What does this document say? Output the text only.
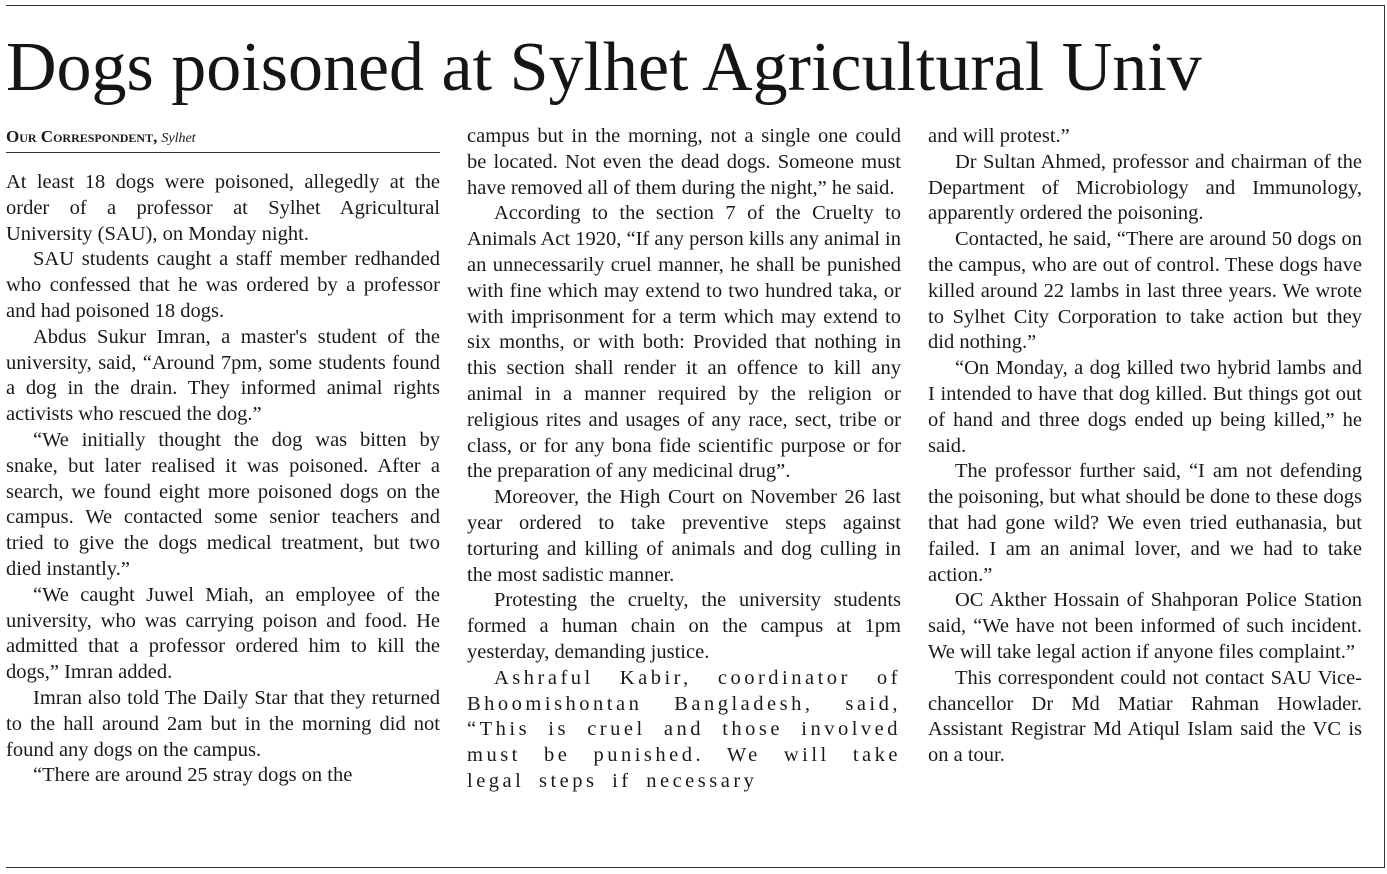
Dogs poisoned at Sylhet Agricultural Univ
Our Correspondent, Sylhet

At least 18 dogs were poisoned, allegedly at the order of a professor at Sylhet Agricultural University (SAU), on Monday night.

SAU students caught a staff member redhanded who confessed that he was ordered by a professor and had poisoned 18 dogs.

Abdus Sukur Imran, a master's student of the university, said, “Around 7pm, some students found a dog in the drain. They informed animal rights activists who rescued the dog.”

“We initially thought the dog was bitten by snake, but later realised it was poisoned. After a search, we found eight more poisoned dogs on the campus. We contacted some senior teachers and tried to give the dogs medical treatment, but two died instantly.”

“We caught Juwel Miah, an employee of the university, who was carrying poison and food. He admitted that a professor ordered him to kill the dogs,” Imran added.

Imran also told The Daily Star that they returned to the hall around 2am but in the morning did not found any dogs on the campus.

“There are around 25 stray dogs on the

campus but in the morning, not a single one could be located. Not even the dead dogs. Someone must have removed all of them during the night,” he said.

According to the section 7 of the Cruelty to Animals Act 1920, “If any person kills any animal in an unnecessarily cruel manner, he shall be punished with fine which may extend to two hundred taka, or with imprisonment for a term which may extend to six months, or with both: Provided that nothing in this section shall render it an offence to kill any animal in a manner required by the religion or religious rites and usages of any race, sect, tribe or class, or for any bona fide scientific purpose or for the preparation of any medicinal drug”.

Moreover, the High Court on November 26 last year ordered to take preventive steps against torturing and killing of animals and dog culling in the most sadistic manner.

Protesting the cruelty, the university students formed a human chain on the campus at 1pm yesterday, demanding justice.

Ashraful Kabir, coordinator of Bhoomishontan Bangladesh, said, “This is cruel and those involved must be punished. We will take legal steps if necessary

and will protest.”

Dr Sultan Ahmed, professor and chairman of the Department of Microbiology and Immunology, apparently ordered the poisoning.

Contacted, he said, “There are around 50 dogs on the campus, who are out of control. These dogs have killed around 22 lambs in last three years. We wrote to Sylhet City Corporation to take action but they did nothing.”

“On Monday, a dog killed two hybrid lambs and I intended to have that dog killed. But things got out of hand and three dogs ended up being killed,” he said.

The professor further said, “I am not defending the poisoning, but what should be done to these dogs that had gone wild? We even tried euthanasia, but failed. I am an animal lover, and we had to take action.”

OC Akther Hossain of Shahporan Police Station said, “We have not been informed of such incident. We will take legal action if anyone files complaint.”

This correspondent could not contact SAU Vice-chancellor Dr Md Matiar Rahman Howlader. Assistant Registrar Md Atiqul Islam said the VC is on a tour.
